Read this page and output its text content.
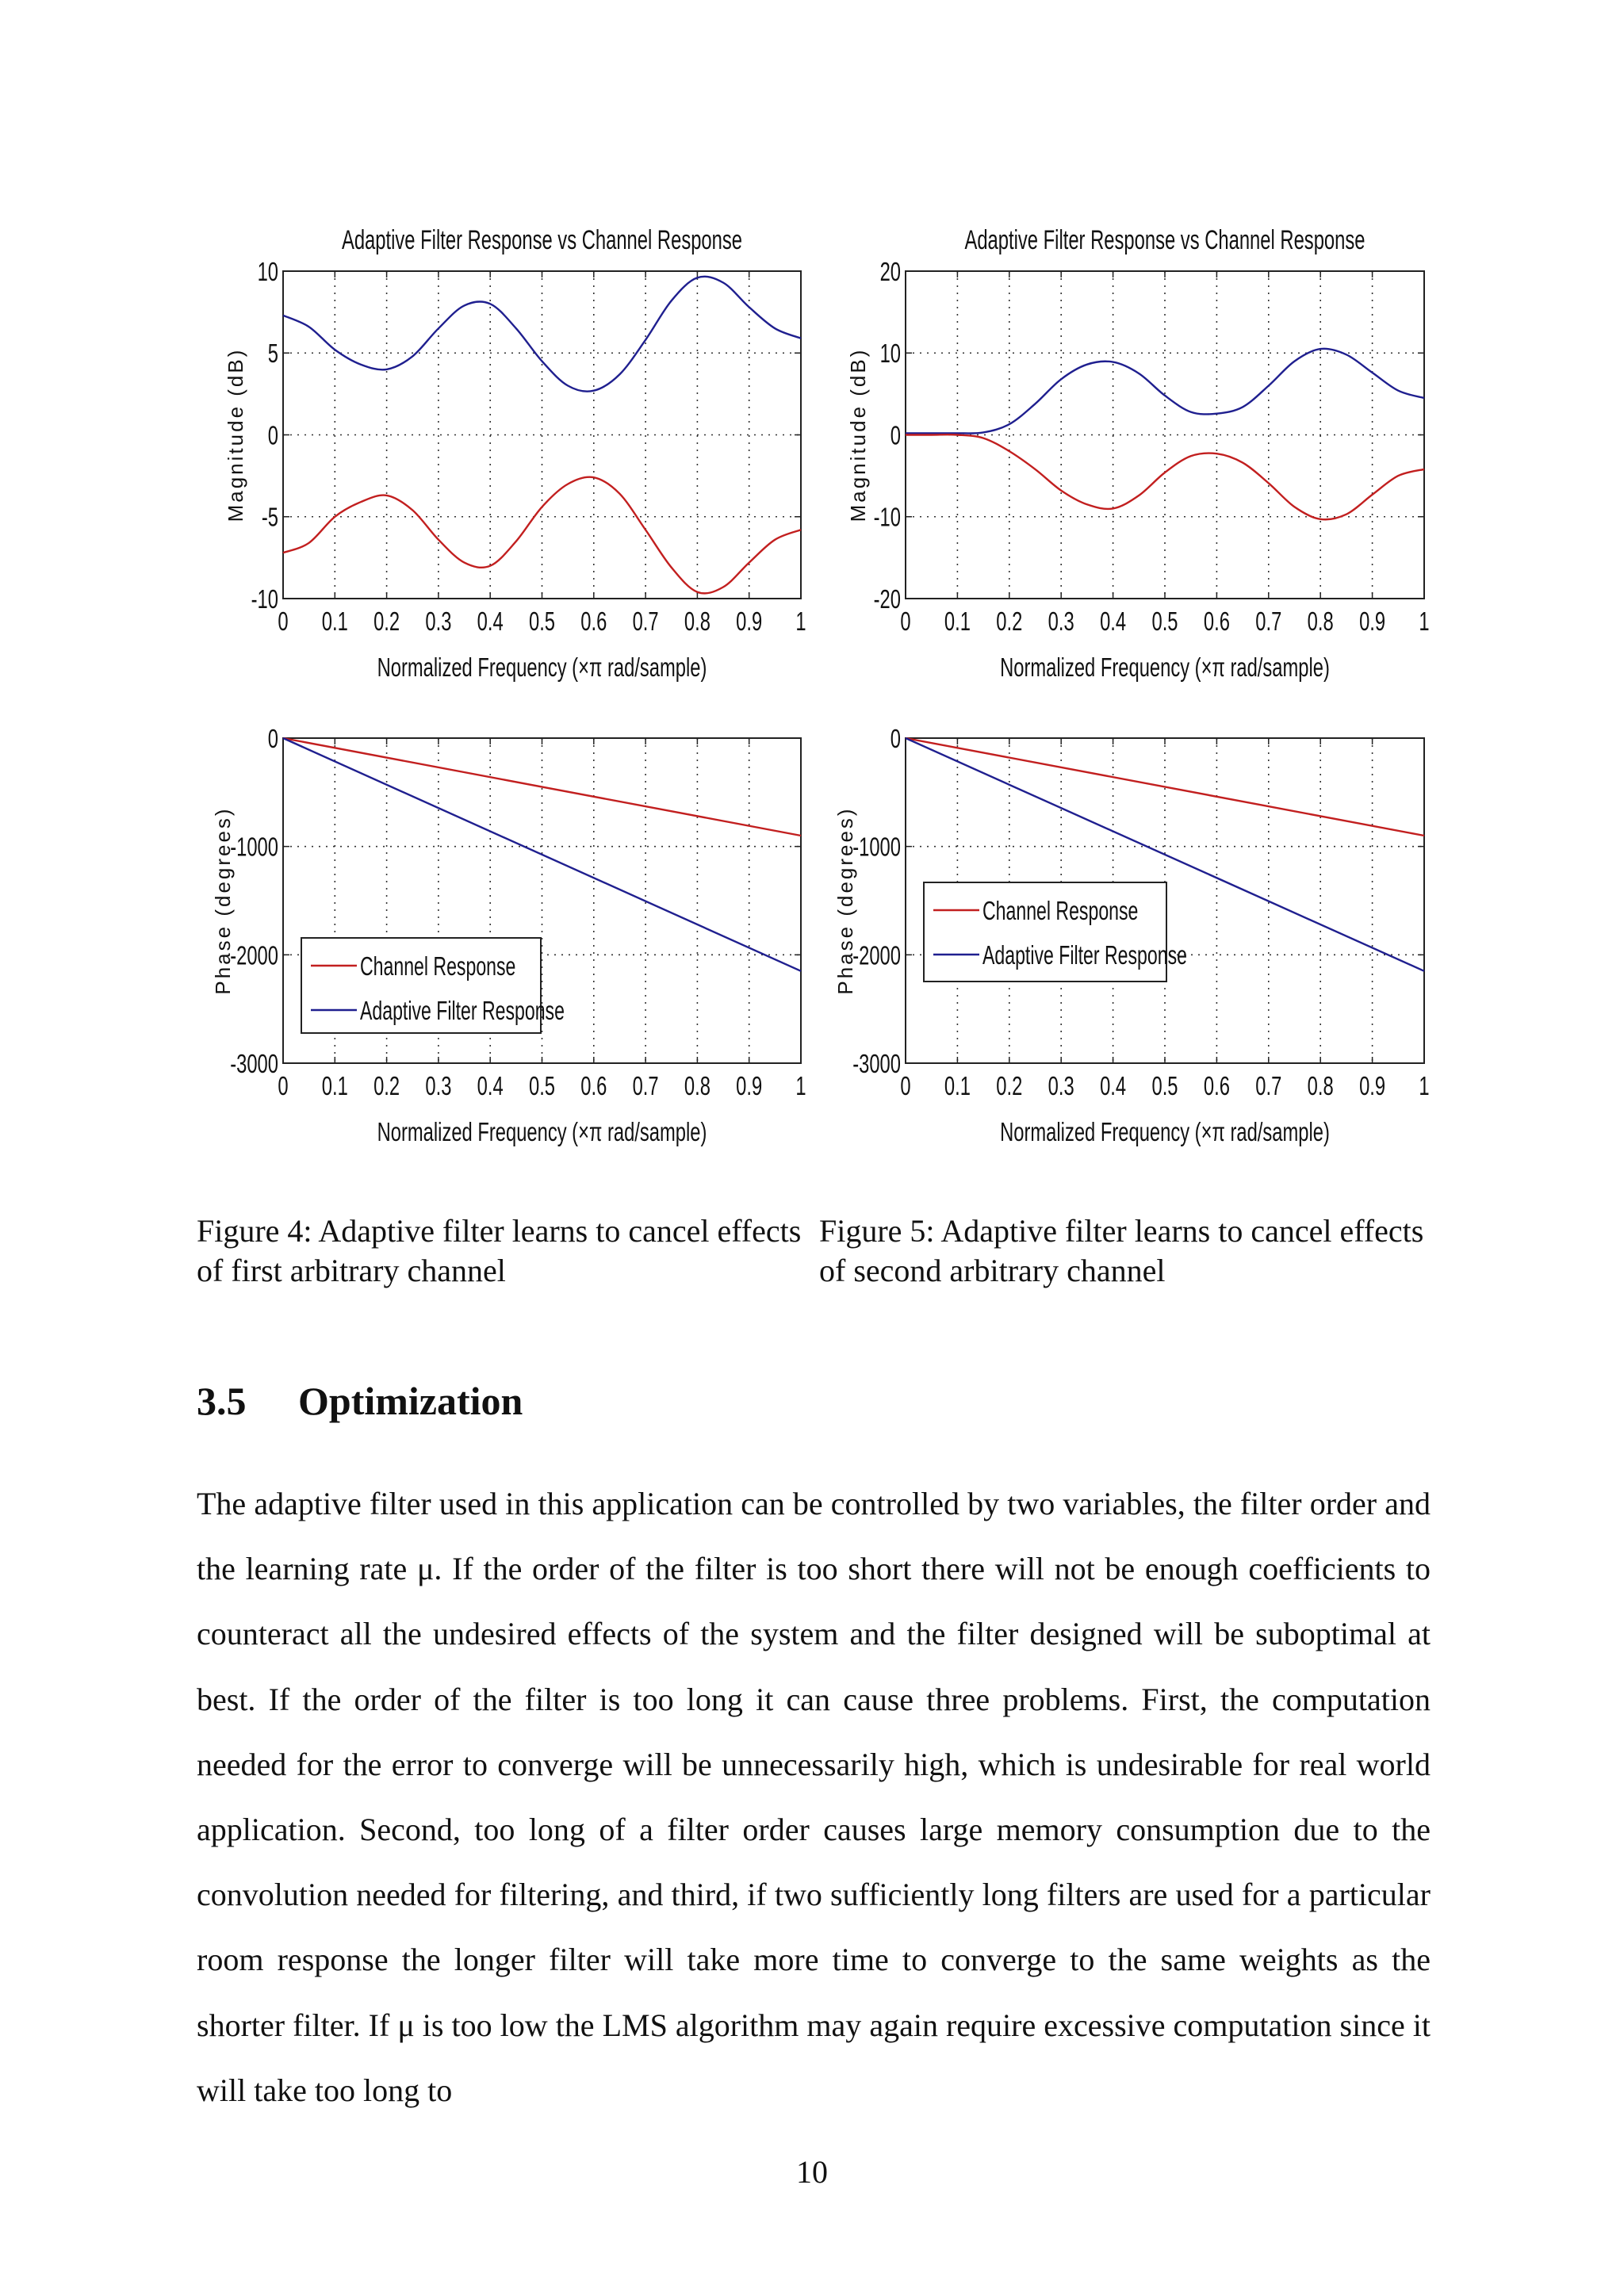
0 0.1 0.2 0.3 0.4 0.5 0.6 0.7 0.8 0.9 1
10
5
0
-5
-10
Adaptive Filter Response vs Channel Response
Normalized Frequency (×π rad/sample)
Magnitude (dB)
0 0.1 0.2 0.3 0.4 0.5 0.6 0.7 0.8 0.9 1
20
10
0
-10
-20
Adaptive Filter Response vs Channel Response
Normalized Frequency (×π rad/sample)
Magnitude (dB)
0 0.1 0.2 0.3 0.4 0.5 0.6 0.7 0.8 0.9 1
0
-1000
-2000
-3000
Normalized Frequency (×π rad/sample)
Phase (degrees)	Channel Response
Adaptive Filter Response
0 0.1 0.2 0.3 0.4 0.5 0.6 0.7 0.8 0.9 1
0
-1000
-2000
-3000
Normalized Frequency (×π rad/sample)
Phase (degrees)	Channel Response
Adaptive Filter Response
Figure 4: Adaptive filter learns to cancel effects of first arbitrary channel
Figure 5: Adaptive filter learns to cancel effects of second arbitrary channel
3.5 Optimization

The adaptive filter used in this application can be controlled by two variables, the filter order and the learning rate μ. If the order of the filter is too short there will not be enough coefficients to counteract all the undesired effects of the system and the filter designed will be suboptimal at best. If the order of the filter is too long it can cause three problems. First, the computation needed for the error to converge will be unnecessarily high, which is undesirable for real world application. Second, too long of a filter order causes large memory consumption due to the convolution needed for filtering, and third, if two sufficiently long filters are used for a particular room response the longer filter will take more time to converge to the same weights as the shorter filter. If μ is too low the LMS algorithm may again require excessive computation since it will take too long to

10
